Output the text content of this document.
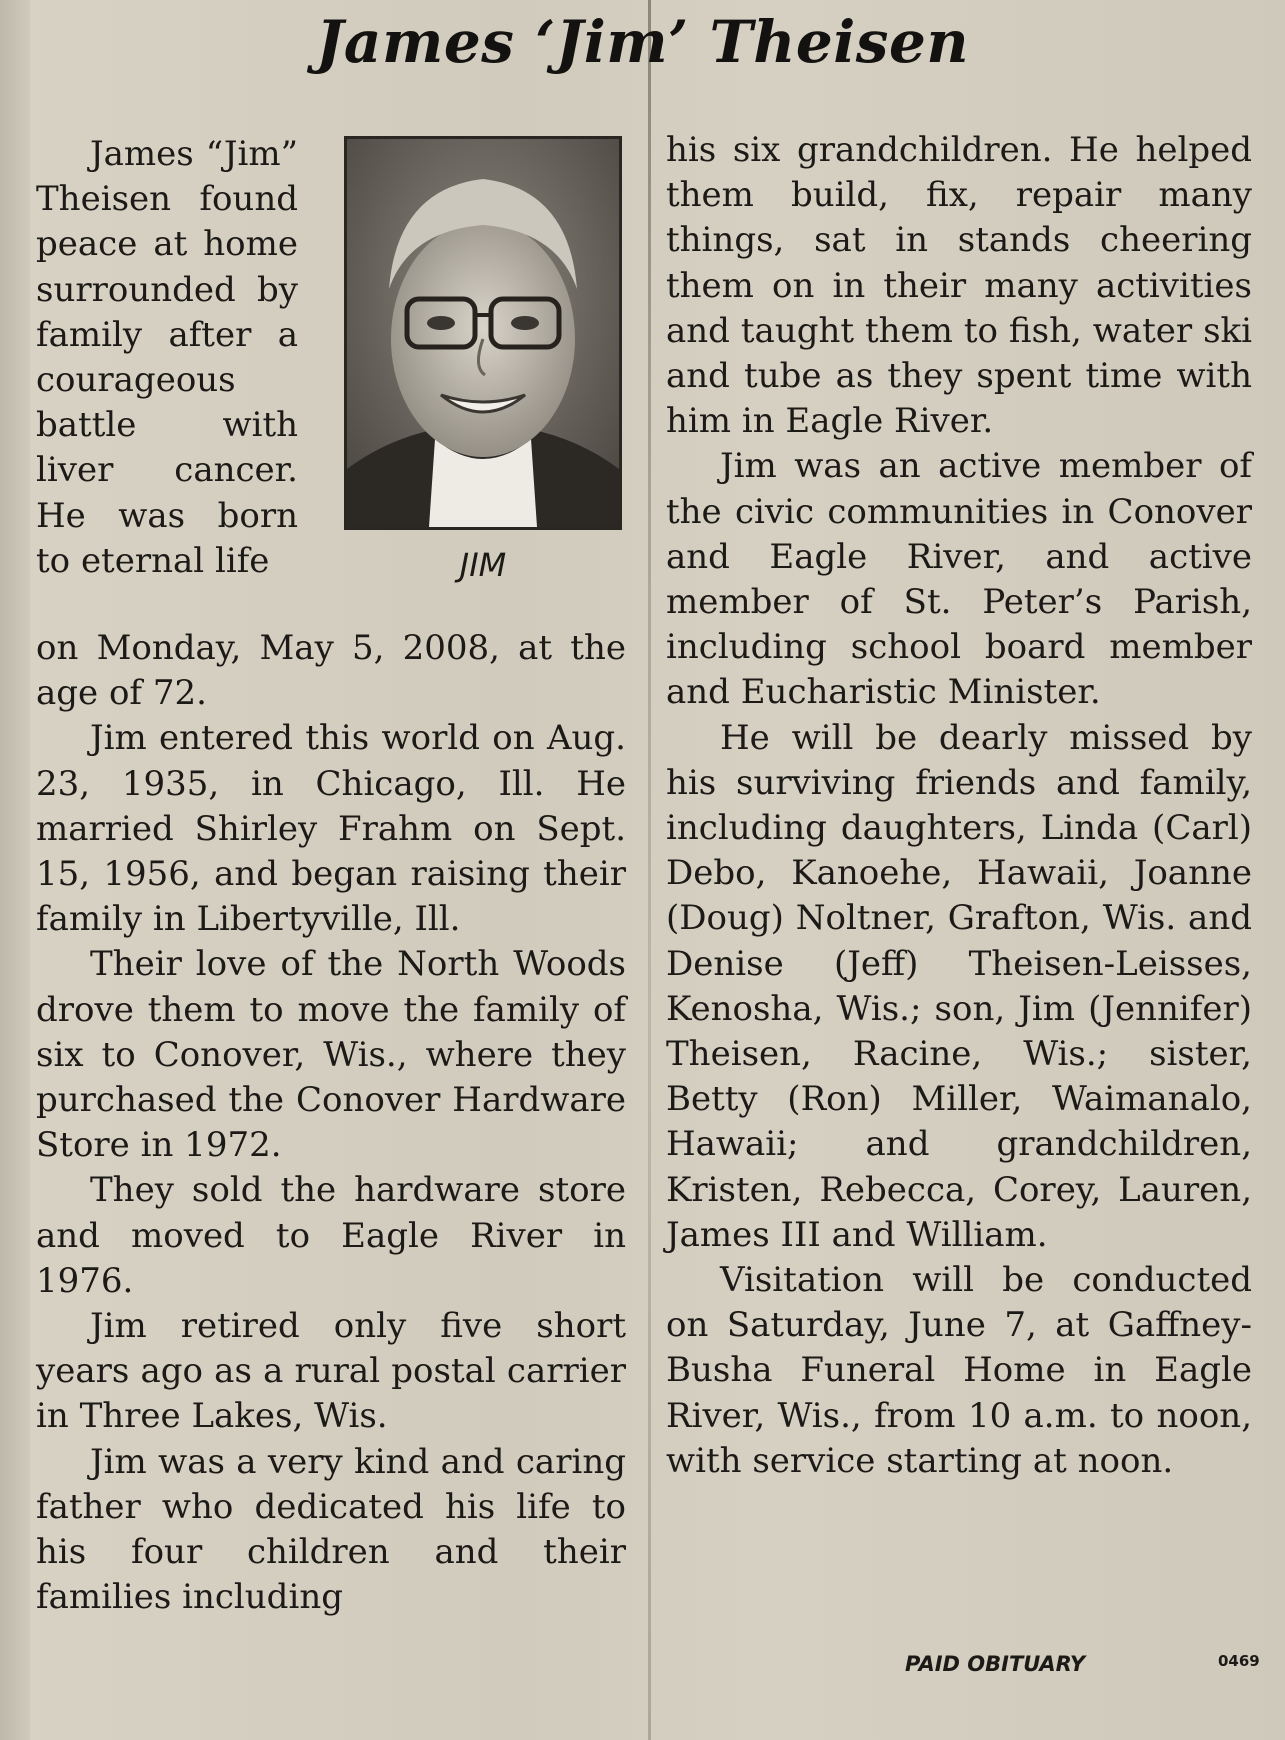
James ‘Jim’ Theisen

James “Jim” Theisen found peace at home surrounded by family after a courageous battle with liver cancer. He was born to eternal life	JIM

on Monday, May 5, 2008, at the age of 72.

Jim entered this world on Aug. 23, 1935, in Chicago, Ill. He married Shirley Frahm on Sept. 15, 1956, and began raising their family in Libertyville, Ill.

Their love of the North Woods drove them to move the family of six to Conover, Wis., where they purchased the Conover Hardware Store in 1972.

They sold the hardware store and moved to Eagle River in 1976.

Jim retired only five short years ago as a rural postal carrier in Three Lakes, Wis.

Jim was a very kind and caring father who dedicated his life to his four children and their families including

his six grandchildren. He helped them build, fix, repair many things, sat in stands cheering them on in their many activities and taught them to fish, water ski and tube as they spent time with him in Eagle River.

Jim was an active member of the civic communities in Conover and Eagle River, and active member of St. Peter’s Parish, including school board member and Eucharistic Minister.

He will be dearly missed by his surviving friends and family, including daughters, Linda (Carl) Debo, Kanoehe, Hawaii, Joanne (Doug) Noltner, Grafton, Wis. and Denise (Jeff) Theisen-Leisses, Kenosha, Wis.; son, Jim (Jennifer) Theisen, Racine, Wis.; sister, Betty (Ron) Miller, Waimanalo, Hawaii; and grandchildren, Kristen, Rebecca, Corey, Lauren, James III and William.

Visitation will be conducted on Saturday, June 7, at Gaffney-Busha Funeral Home in Eagle River, Wis., from 10 a.m. to noon, with service starting at noon.

PAID OBITUARY	0469
